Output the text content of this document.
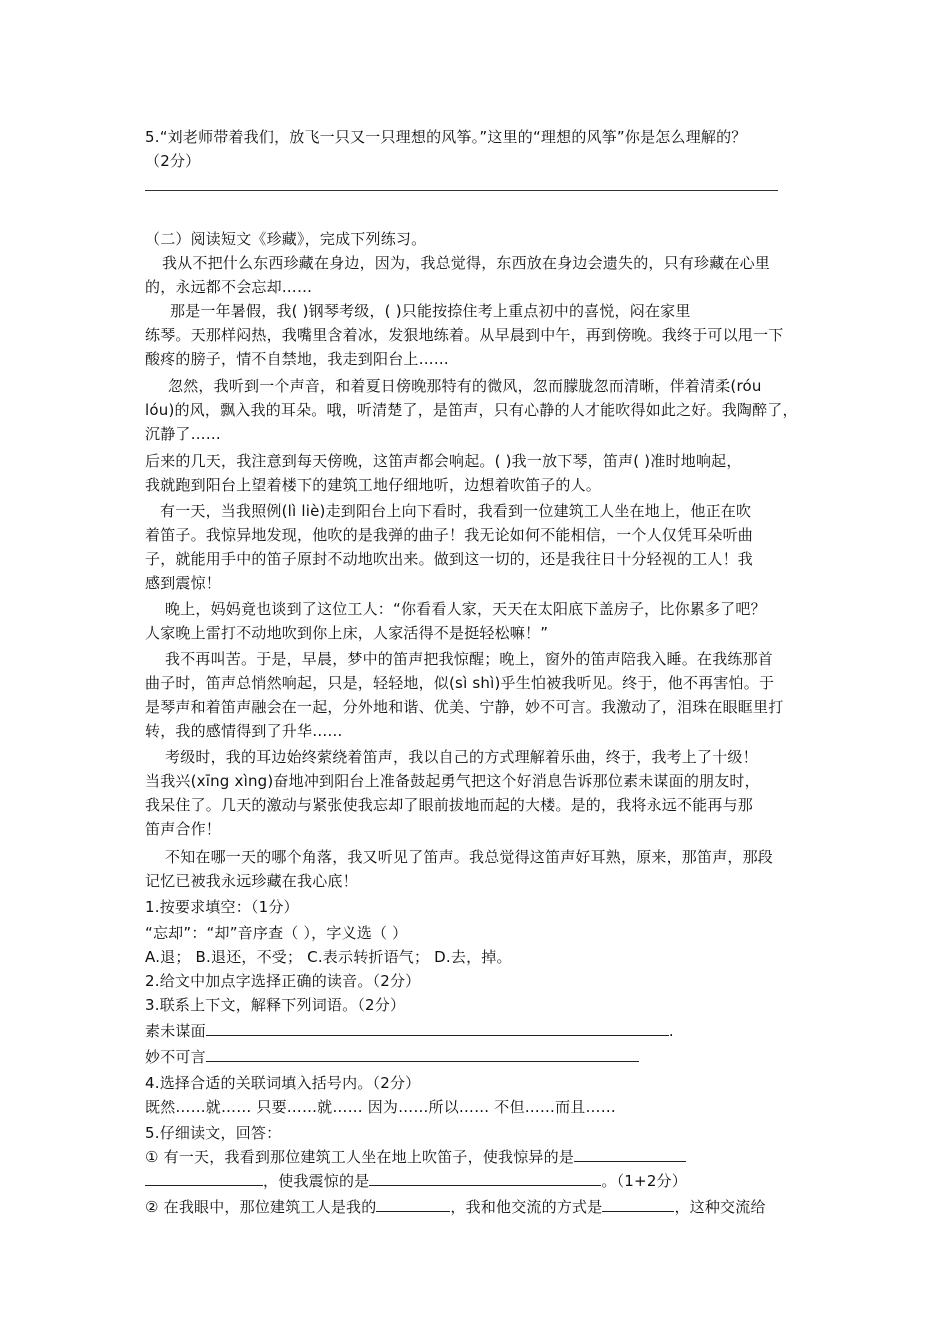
5.“刘老师带着我们，放飞一只又一只理想的风筝。”这里的“理想的风筝”你是怎么理解的？
（2分）
（二）阅读短文《珍藏》，完成下列练习。
我从不把什么东西珍藏在身边，因为，我总觉得，东西放在身边会遗失的，只有珍藏在心里
的，永远都不会忘却……
那是一年暑假，我( )钢琴考级，( )只能按捺住考上重点初中的喜悦，闷在家里
练琴。天那样闷热，我嘴里含着冰，发狠地练着。从早晨到中午，再到傍晚。我终于可以甩一下
酸疼的膀子，情不自禁地，我走到阳台上……
忽然，我听到一个声音，和着夏日傍晚那特有的微风，忽而朦胧忽而清晰，伴着清柔(róu
lóu)的风，飘入我的耳朵。哦，听清楚了，是笛声，只有心静的人才能吹得如此之好。我陶醉了，
沉静了……
后来的几天，我注意到每天傍晚，这笛声都会响起。( )我一放下琴，笛声( )准时地响起，
我就跑到阳台上望着楼下的建筑工地仔细地听，边想着吹笛子的人。
有一天，当我照例(lì liè)走到阳台上向下看时，我看到一位建筑工人坐在地上，他正在吹
着笛子。我惊异地发现，他吹的是我弹的曲子！我无论如何不能相信，一个人仅凭耳朵听曲
子，就能用手中的笛子原封不动地吹出来。做到这一切的，还是我往日十分轻视的工人！我
感到震惊！
晚上，妈妈竟也谈到了这位工人：“你看看人家，天天在太阳底下盖房子，比你累多了吧？
人家晚上雷打不动地吹到你上床，人家活得不是挺轻松嘛！”
我不再叫苦。于是，早晨，梦中的笛声把我惊醒；晚上，窗外的笛声陪我入睡。在我练那首
曲子时，笛声总悄然响起，只是，轻轻地，似(sì shì)乎生怕被我听见。终于，他不再害怕。于
是琴声和着笛声融会在一起，分外地和谐、优美、宁静，妙不可言。我激动了，泪珠在眼眶里打
转，我的感情得到了升华……
考级时，我的耳边始终萦绕着笛声，我以自己的方式理解着乐曲，终于，我考上了十级！
当我兴(xīng xìng)奋地冲到阳台上准备鼓起勇气把这个好消息告诉那位素未谋面的朋友时，
我呆住了。几天的激动与紧张使我忘却了眼前拔地而起的大楼。是的，我将永远不能再与那
笛声合作！
不知在哪一天的哪个角落，我又听见了笛声。我总觉得这笛声好耳熟，原来，那笛声，那段
记忆已被我永远珍藏在我心底！
1.按要求填空：（1分）
“忘却”：“却”音序查（ ），字义选（ ）
A.退； B.退还，不受； C.表示转折语气； D.去，掉。
2.给文中加点字选择正确的读音。（2分）
3.联系上下文，解释下列词语。（2分）
素未谋面	.
妙不可言
4.选择合适的关联词填入括号内。（2分）
既然……就…… 只要……就…… 因为……所以…… 不但……而且……
5.仔细读文，回答：
① 有一天，我看到那位建筑工人坐在地上吹笛子，使我惊异的是
，使我震惊的是	。（1+2分）
② 在我眼中，那位建筑工人是我的	，我和他交流的方式是	，这种交流给
